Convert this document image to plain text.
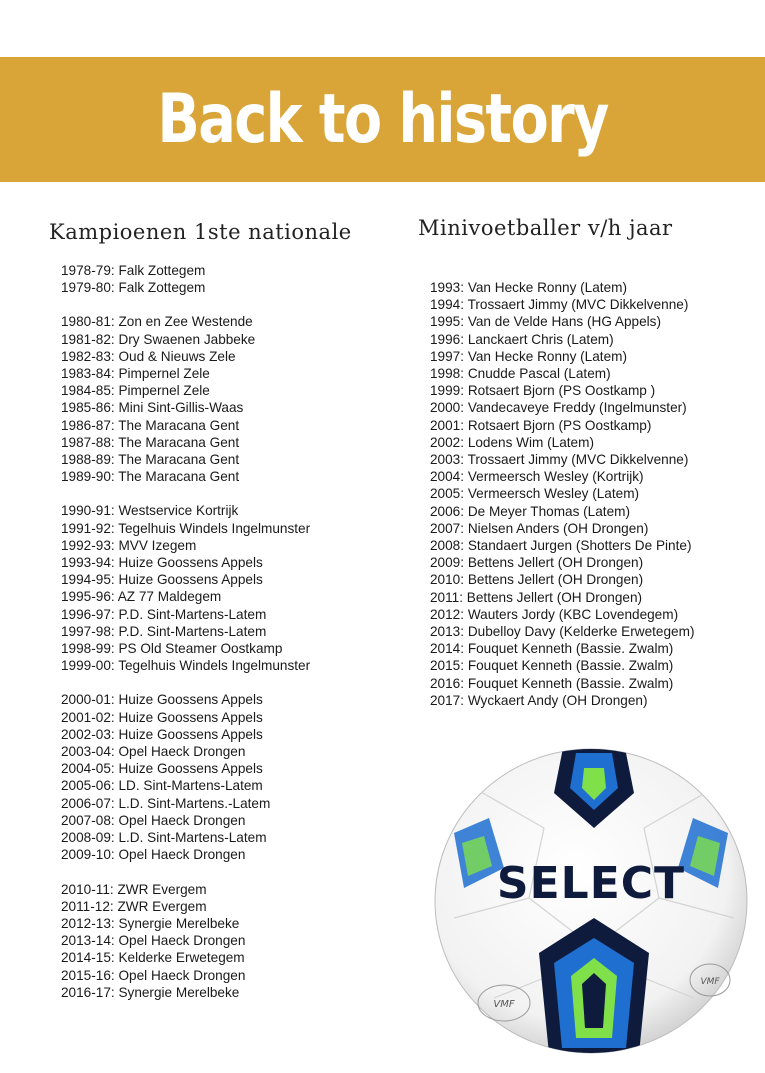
Back to history
Kampioenen 1ste nationale	Minivoetballer v/h jaar
1978-79: Falk Zottegem
1979-80: Falk Zottegem
1980-81: Zon en Zee Westende
1981-82: Dry Swaenen Jabbeke
1982-83: Oud & Nieuws Zele
1983-84: Pimpernel Zele
1984-85: Pimpernel Zele
1985-86: Mini Sint-Gillis-Waas
1986-87: The Maracana Gent
1987-88: The Maracana Gent
1988-89: The Maracana Gent
1989-90: The Maracana Gent
1990-91: Westservice Kortrijk
1991-92: Tegelhuis Windels Ingelmunster
1992-93: MVV Izegem
1993-94: Huize Goossens Appels
1994-95: Huize Goossens Appels
1995-96: AZ 77 Maldegem
1996-97: P.D. Sint-Martens-Latem
1997-98: P.D. Sint-Martens-Latem
1998-99: PS Old Steamer Oostkamp
1999-00: Tegelhuis Windels Ingelmunster
2000-01: Huize Goossens Appels
2001-02: Huize Goossens Appels
2002-03: Huize Goossens Appels
2003-04: Opel Haeck Drongen
2004-05: Huize Goossens Appels
2005-06: LD. Sint-Martens-Latem
2006-07: L.D. Sint-Martens.-Latem
2007-08: Opel Haeck Drongen
2008-09: L.D. Sint-Martens-Latem
2009-10: Opel Haeck Drongen
2010-11: ZWR Evergem
2011-12: ZWR Evergem
2012-13: Synergie Merelbeke
2013-14: Opel Haeck Drongen
2014-15: Kelderke Erwetegem
2015-16: Opel Haeck Drongen
2016-17: Synergie Merelbeke
1993: Van Hecke Ronny (Latem)
1994: Trossaert Jimmy (MVC Dikkelvenne)
1995: Van de Velde Hans (HG Appels)
1996: Lanckaert Chris (Latem)
1997: Van Hecke Ronny (Latem)
1998: Cnudde Pascal (Latem)
1999: Rotsaert Bjorn (PS Oostkamp )
2000: Vandecaveye Freddy (Ingelmunster)
2001: Rotsaert Bjorn (PS Oostkamp)
2002: Lodens Wim (Latem)
2003: Trossaert Jimmy (MVC Dikkelvenne)
2004: Vermeersch Wesley (Kortrijk)
2005: Vermeersch Wesley (Latem)
2006: De Meyer Thomas (Latem)
2007: Nielsen Anders (OH Drongen)
2008: Standaert Jurgen (Shotters De Pinte)
2009: Bettens Jellert (OH Drongen)
2010: Bettens Jellert (OH Drongen)
2011: Bettens Jellert (OH Drongen)
2012: Wauters Jordy (KBC Lovendegem)
2013: Dubelloy Davy (Kelderke Erwetegem)
2014: Fouquet Kenneth (Bassie. Zwalm)
2015: Fouquet Kenneth (Bassie. Zwalm)
2016: Fouquet Kenneth (Bassie. Zwalm)
2017: Wyckaert Andy (OH Drongen)
SELECT
VMF
VMF
